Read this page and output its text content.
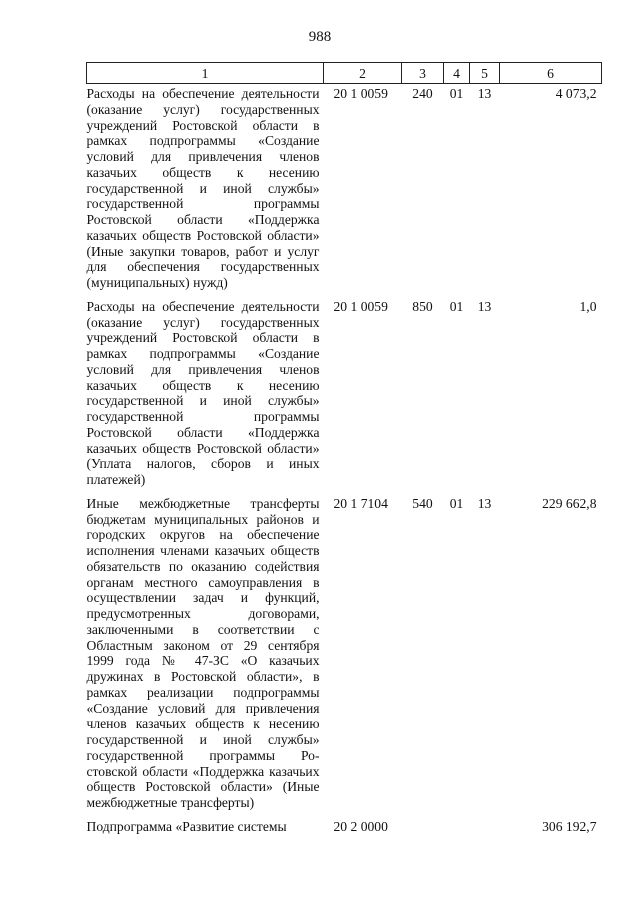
988
1	2	3	4	5	6
Расходы на обеспечение деятельности (оказание услуг) государственных учреждений Ростовской области в рамках подпрограммы «Создание условий для привлечения членов казачьих обществ к несению государственной и иной службы» государственной программы Ростовской области «Поддержка казачьих обществ Ростовской области» (Иные закупки товаров, работ и услуг для обеспечения государственных (муниципальных) нужд)	20 1 0059	240	01	13	4 073,2
Расходы на обеспечение деятельности (оказание услуг) государственных учреждений Ростовской области в рамках подпрограммы «Создание условий для привлечения членов казачьих обществ к несению государственной и иной службы» государственной программы Ростовской области «Поддержка казачьих обществ Ростовской области» (Уплата налогов, сборов и иных платежей)	20 1 0059	850	01	13	1,0
Иные межбюджетные трансферты бюджетам муниципальных районов и городских округов на обеспечение исполнения членами казачьих обществ обязательств по оказанию содействия органам местного самоуправления в осуществлении задач и функций, предусмотренных договорами, заключенными в соответствии с Областным законом от 29 сентября 1999 года № 47-ЗС «О казачьих дружинах в Ростовской области», в рамках реализации подпрограммы «Создание условий для привлечения членов казачьих обществ к несению государственной и иной службы» государственной программы Ростовской области «Поддержка казачьих обществ Ростовской области» (Иные межбюджетные трансферты)	20 1 7104	540	01	13	229 662,8
Подпрограмма «Развитие системы	20 2 0000				306 192,7
